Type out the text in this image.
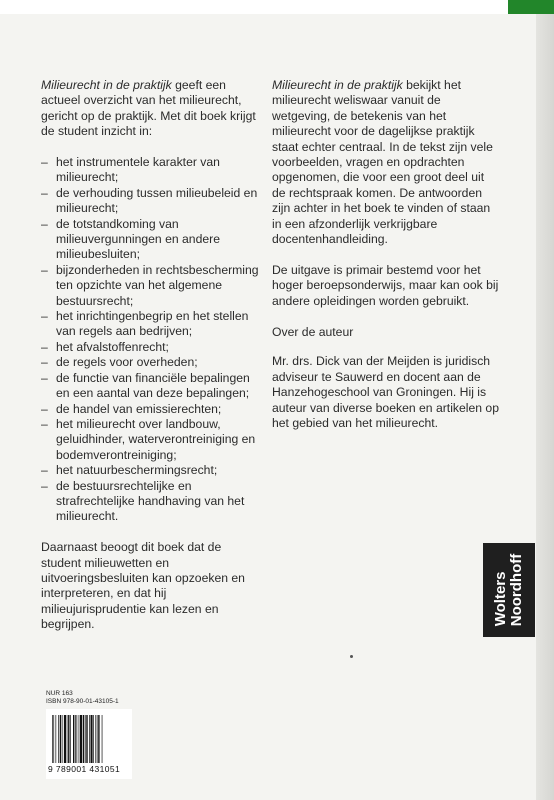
Milieurecht in de praktijk geeft een actueel overzicht van het milieurecht, gericht op de praktijk. Met dit boek krijgt de student inzicht in:

– het instrumentele karakter van milieurecht;
– de verhouding tussen milieubeleid en milieurecht;
– de totstandkoming van milieuvergunningen en andere milieubesluiten;
– bijzonderheden in rechtsbescherming ten opzichte van het algemene bestuursrecht;
– het inrichtingenbegrip en het stellen van regels aan bedrijven;
– het afvalstoffenrecht;
– de regels voor overheden;
– de functie van financiële bepalingen en een aantal van deze bepalingen;
– de handel van emissierechten;
– het milieurecht over landbouw, geluidhinder, waterverontreiniging en bodemverontreiniging;
– het natuurbeschermingsrecht;
– de bestuursrechtelijke en strafrechtelijke handhaving van het milieurecht.

Daarnaast beoogt dit boek dat de student milieuwetten en uitvoeringsbesluiten kan opzoeken en interpreteren, en dat hij milieujurisprudentie kan lezen en begrijpen.

Milieurecht in de praktijk bekijkt het milieurecht weliswaar vanuit de wetgeving, de betekenis van het milieurecht voor de dagelijkse praktijk staat echter centraal. In de tekst zijn vele voorbeelden, vragen en opdrachten opgenomen, die voor een groot deel uit de rechtspraak komen. De antwoorden zijn achter in het boek te vinden of staan in een afzonderlijk verkrijgbare docentenhandleiding.

De uitgave is primair bestemd voor het hoger beroepsonderwijs, maar kan ook bij andere opleidingen worden gebruikt.

Over de auteur

Mr. drs. Dick van der Meijden is juridisch adviseur te Sauwerd en docent aan de Hanzehogeschool van Groningen. Hij is auteur van diverse boeken en artikelen op het gebied van het milieurecht.

Wolters Noordhoff
NUR 163
ISBN 978-90-01-43105-1
9 789001 431051
